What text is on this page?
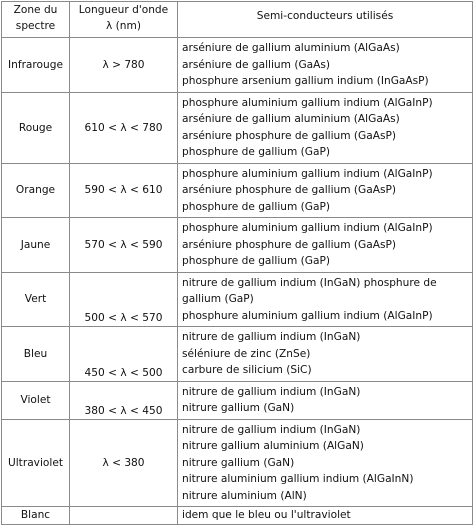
Zone du spectre	Longueur d'onde λ (nm)	Semi-conducteurs utilisés
Infrarouge	λ > 780	arséniure de gallium aluminium (AlGaAs)
arséniure de gallium (GaAs)
phosphure arsenium gallium indium (InGaAsP)

Rouge	610 < λ < 780	phosphure aluminium gallium indium (AlGaInP)
arséniure de gallium aluminium (AlGaAs)
arséniure phosphure de gallium (GaAsP)
phosphure de gallium (GaP)

Orange	590 < λ < 610	phosphure aluminium gallium indium (AlGaInP)
arséniure phosphure de gallium (GaAsP)
phosphure de gallium (GaP)

Jaune	570 < λ < 590	phosphure aluminium gallium indium (AlGaInP)
arséniure phosphure de gallium (GaAsP)
phosphure de gallium (GaP)

Vert	500 < λ < 570	nitrure de gallium indium (InGaN) phosphure de gallium (GaP)
phosphure aluminium gallium indium (AlGaInP)

Bleu	450 < λ < 500	nitrure de gallium indium (InGaN)
séléniure de zinc (ZnSe)
carbure de silicium (SiC)

Violet	380 < λ < 450	nitrure de gallium indium (InGaN)
nitrure gallium (GaN)

Ultraviolet	λ < 380	nitrure de gallium indium (InGaN)
nitrure gallium aluminium (AlGaN)
nitrure gallium (GaN)
nitrure aluminium gallium indium (AlGaInN)
nitrure aluminium (AlN)

Blanc		idem que le bleu ou l'ultraviolet
